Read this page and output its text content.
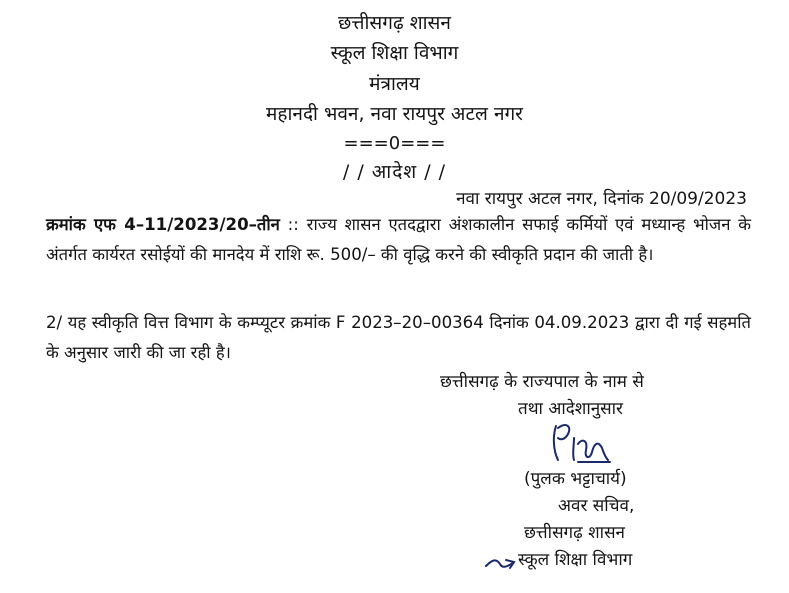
छत्तीसगढ़ शासन
स्कूल शिक्षा विभाग
मंत्रालय
महानदी भवन, नवा रायपुर अटल नगर
===0===
/ / आदेश / /
नवा रायपुर अटल नगर, दिनांक 20/09/2023
क्रमांक एफ 4–11/2023/20–तीन :: राज्य शासन एतदद्वारा अंशकालीन सफाई कर्मियों एवं मध्यान्ह भोजन के अंतर्गत कार्यरत रसोईयों की मानदेय में राशि रू. 500/– की वृद्धि करने की स्वीकृति प्रदान की जाती है।
2/ यह स्वीकृति वित्त विभाग के कम्प्यूटर क्रमांक F 2023–20–00364 दिनांक 04.09.2023 द्वारा दी गई सहमति के अनुसार जारी की जा रही है।
छत्तीसगढ़ के राज्यपाल के नाम से
तथा आदेशानुसार
(पुलक भट्टाचार्य)
अवर सचिव,
छत्तीसगढ़ शासन
स्कूल शिक्षा विभाग
